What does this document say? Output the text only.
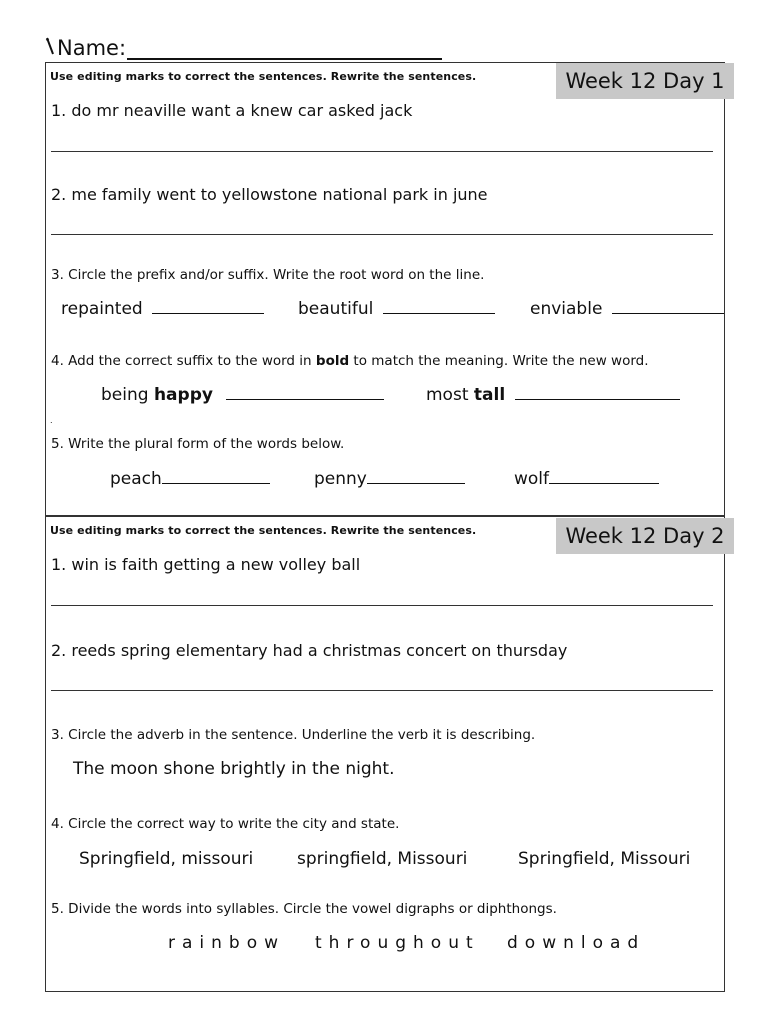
Name:
Week 12 Day 1
Use editing marks to correct the sentences. Rewrite the sentences.
1. do mr neaville want a knew car asked jack
2. me family went to yellowstone national park in june
3. Circle the prefix and/or suffix. Write the root word on the line.
repainted	beautiful	enviable
4. Add the correct suffix to the word in bold to match the meaning. Write the new word.
being happy	most tall
.
5. Write the plural form of the words below.
peach	penny	wolf
Week 12 Day 2
Use editing marks to correct the sentences. Rewrite the sentences.
1. win is faith getting a new volley ball
2. reeds spring elementary had a christmas concert on thursday
3. Circle the adverb in the sentence. Underline the verb it is describing.
The moon shone brightly in the night.
4. Circle the correct way to write the city and state.
Springfield, missouri	springfield, Missouri	Springfield, Missouri
5. Divide the words into syllables. Circle the vowel digraphs or diphthongs.
rainbow throughout download
